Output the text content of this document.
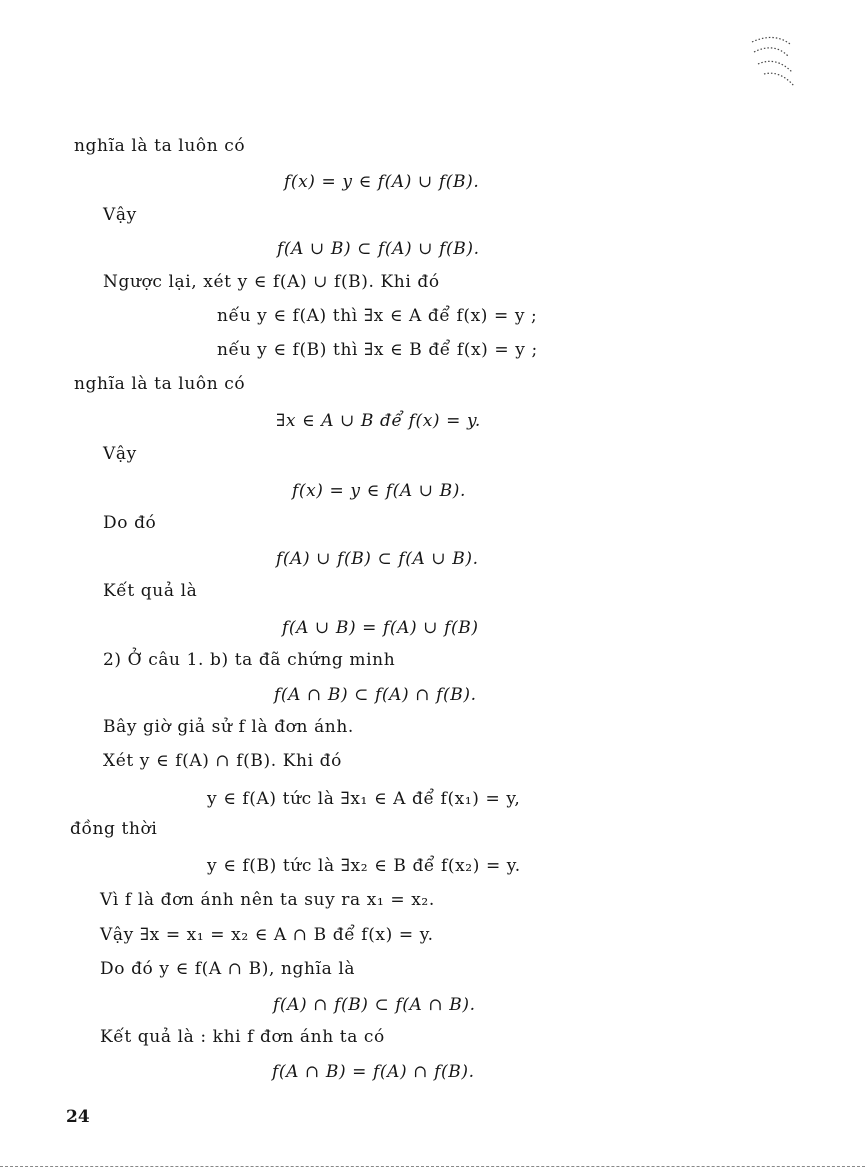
nghĩa là ta luôn có
f(x) = y ∈ f(A) ∪ f(B).
Vậy
f(A ∪ B) ⊂ f(A) ∪ f(B).
Ngược lại, xét y ∈ f(A) ∪ f(B). Khi đó
nếu y ∈ f(A) thì ∃x ∈ A để f(x) = y ;
nếu y ∈ f(B) thì ∃x ∈ B để f(x) = y ;
nghĩa là ta luôn có
∃x ∈ A ∪ B để f(x) = y.
Vậy
f(x) = y ∈ f(A ∪ B).
Do đó
f(A) ∪ f(B) ⊂ f(A ∪ B).
Kết quả là
f(A ∪ B) = f(A) ∪ f(B)
2) Ở câu 1. b) ta đã chứng minh
f(A ∩ B) ⊂ f(A) ∩ f(B).
Bây giờ giả sử f là đơn ánh.
Xét y ∈ f(A) ∩ f(B). Khi đó
y ∈ f(A) tức là ∃x₁ ∈ A để f(x₁) = y,
đồng thời
y ∈ f(B) tức là ∃x₂ ∈ B để f(x₂) = y.
Vì f là đơn ánh nên ta suy ra x₁ = x₂.
Vậy ∃x = x₁ = x₂ ∈ A ∩ B để f(x) = y.
Do đó y ∈ f(A ∩ B), nghĩa là
f(A) ∩ f(B) ⊂ f(A ∩ B).
Kết quả là : khi f đơn ánh ta có
f(A ∩ B) = f(A) ∩ f(B).
24
